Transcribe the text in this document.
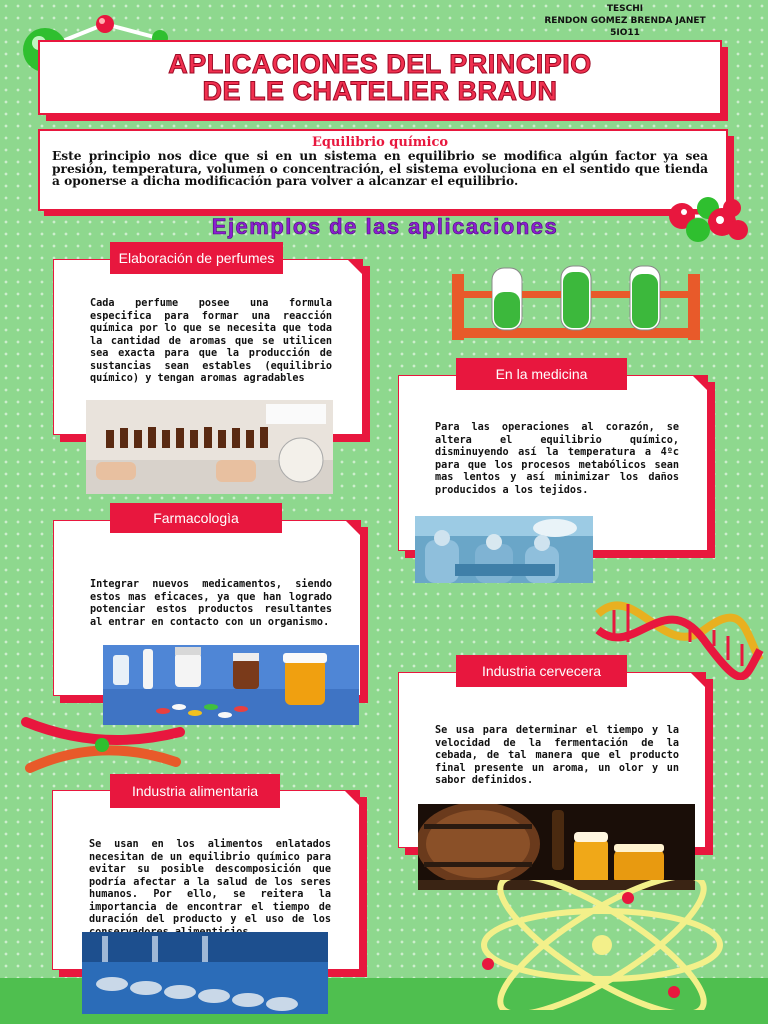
TESCHI
RENDON GOMEZ BRENDA JANET
5IO11
APLICACIONES DEL PRINCIPIO
DE LE CHATELIER BRAUN
Equilibrio químico
Este principio nos dice que si en un sistema en equilibrio se modifica algún factor ya sea presión, temperatura, volumen o concentración, el sistema evoluciona en el sentido que tienda a oponerse a dicha modificación para volver a alcanzar el equilibrio.
Ejemplos de las aplicaciones
Cada perfume posee una formula especifica para formar una reacción química por lo que se necesita que toda la cantidad de aromas que se utilicen sea exacta para que la producción de sustancias sean estables (equilibrio químico) y tengan aromas agradables
Elaboración de perfumes
Para las operaciones al corazón, se altera el equilibrio químico, disminuyendo así la temperatura a 4ºc para que los procesos metabólicos sean mas lentos y así minimizar los daños producidos a los tejidos.
En la medicina
Integrar nuevos medicamentos, siendo estos mas eficaces, ya que han logrado potenciar estos productos resultantes al entrar en contacto con un organismo.
Farmacologìa
Se usa para determinar el tiempo y la velocidad de la fermentación de la cebada, de tal manera que el producto final presente un aroma, un olor y un sabor definidos.
Industria cervecera
Se usan en los alimentos enlatados necesitan de un equilibrio químico para evitar su posible descomposición que podría afectar a la salud de los seres humanos. Por ello, se reitera la importancia de encontrar el tiempo de duración del producto y el uso de los
Industria alimentaria
